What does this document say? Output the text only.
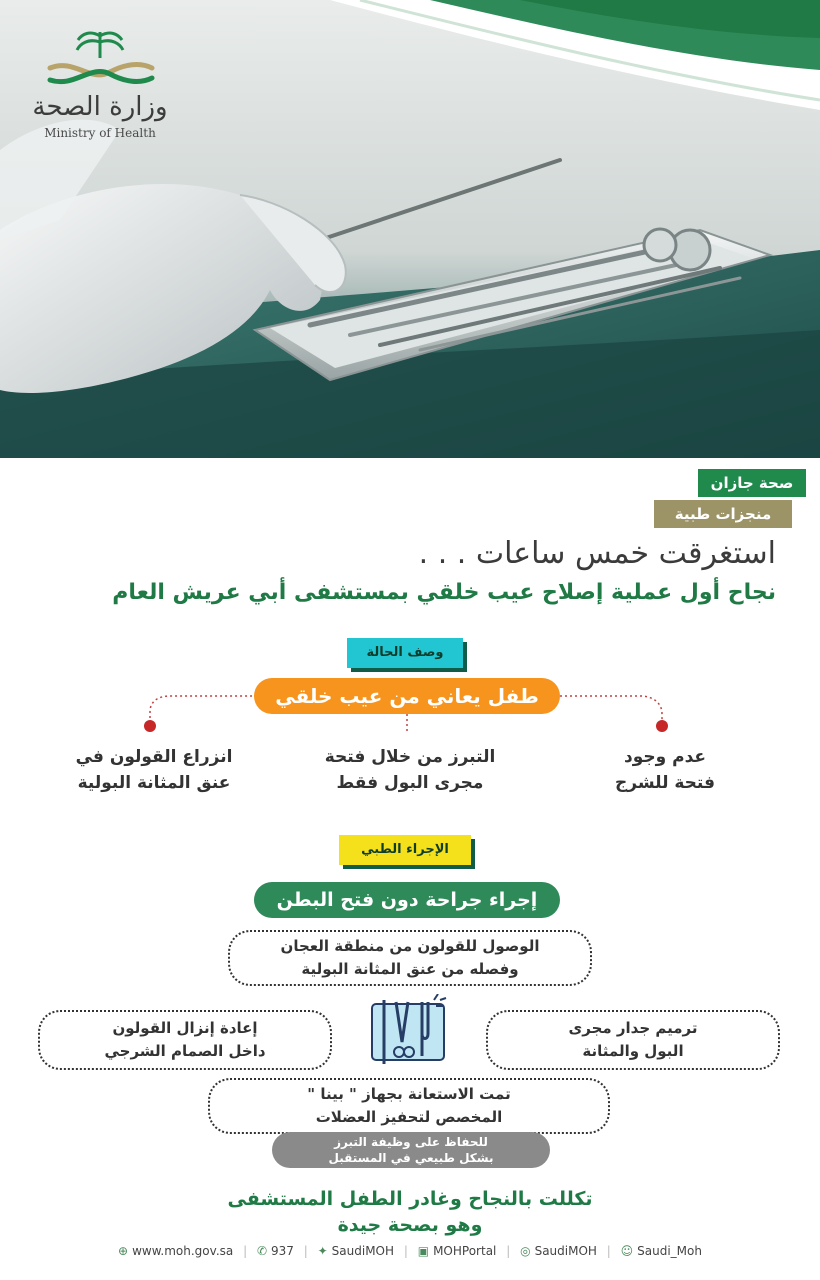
وزارة الصحة
Ministry of Health
صحة جازان
منجزات طبية
استغرقت خمس ساعات . . .
نجاح أول عملية إصلاح عيب خلقي بمستشفى أبي عريش العام
وصف الحالة
طفل يعاني من عيب خلقي
عدم وجود
فتحة للشرج
التبرز من خلال فتحة
مجرى البول فقط
انزراع القولون في
عنق المثانة البولية
الإجراء الطبي
إجراء جراحة دون فتح البطن
الوصول للقولون من منطقة العجان
وفصله من عنق المثانة البولية
ترميم جدار مجرى
البول والمثانة
إعادة إنزال القولون
داخل الصمام الشرجي
تمت الاستعانة بجهاز " بينا "
المخصص لتحفيز العضلات
للحفاظ على وظيفة التبرز
بشكل طبيعي في المستقبل
تكللت بالنجاح وغادر الطفل المستشفى
وهو بصحة جيدة
⊕ www.moh.gov.sa | ✆ 937 | ✦ SaudiMOH | ▣ MOHPortal | ◎ SaudiMOH | ☺ Saudi_Moh
